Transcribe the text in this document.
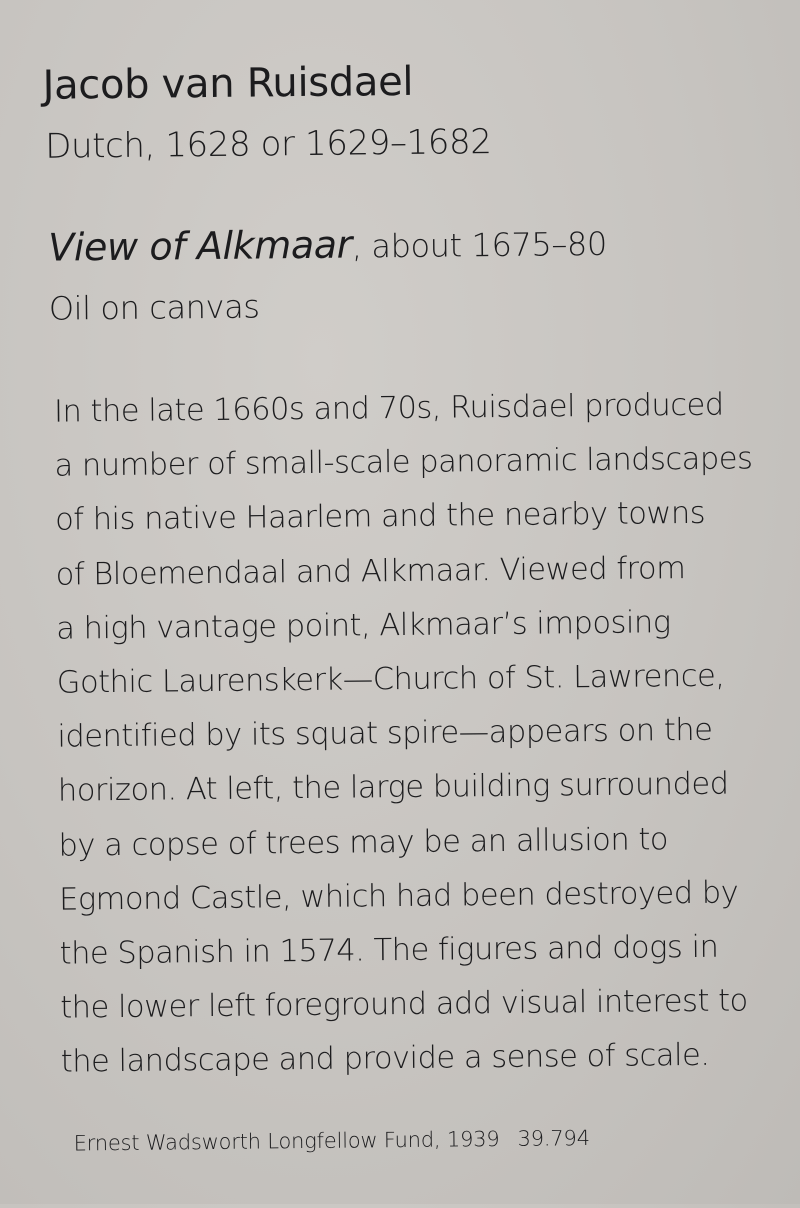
Jacob van Ruisdael
Dutch, 1628 or 1629–1682
View of Alkmaar, about 1675–80
Oil on canvas
In the late 1660s and 70s, Ruisdael produced
a number of small-scale panoramic landscapes
of his native Haarlem and the nearby towns
of Bloemendaal and Alkmaar. Viewed from
a high vantage point, Alkmaar’s imposing
Gothic Laurenskerk—Church of St. Lawrence,
identified by its squat spire—appears on the
horizon. At left, the large building surrounded
by a copse of trees may be an allusion to
Egmond Castle, which had been destroyed by
the Spanish in 1574. The figures and dogs in
the lower left foreground add visual interest to
the landscape and provide a sense of scale.
Ernest Wadsworth Longfellow Fund, 1939 39.794
